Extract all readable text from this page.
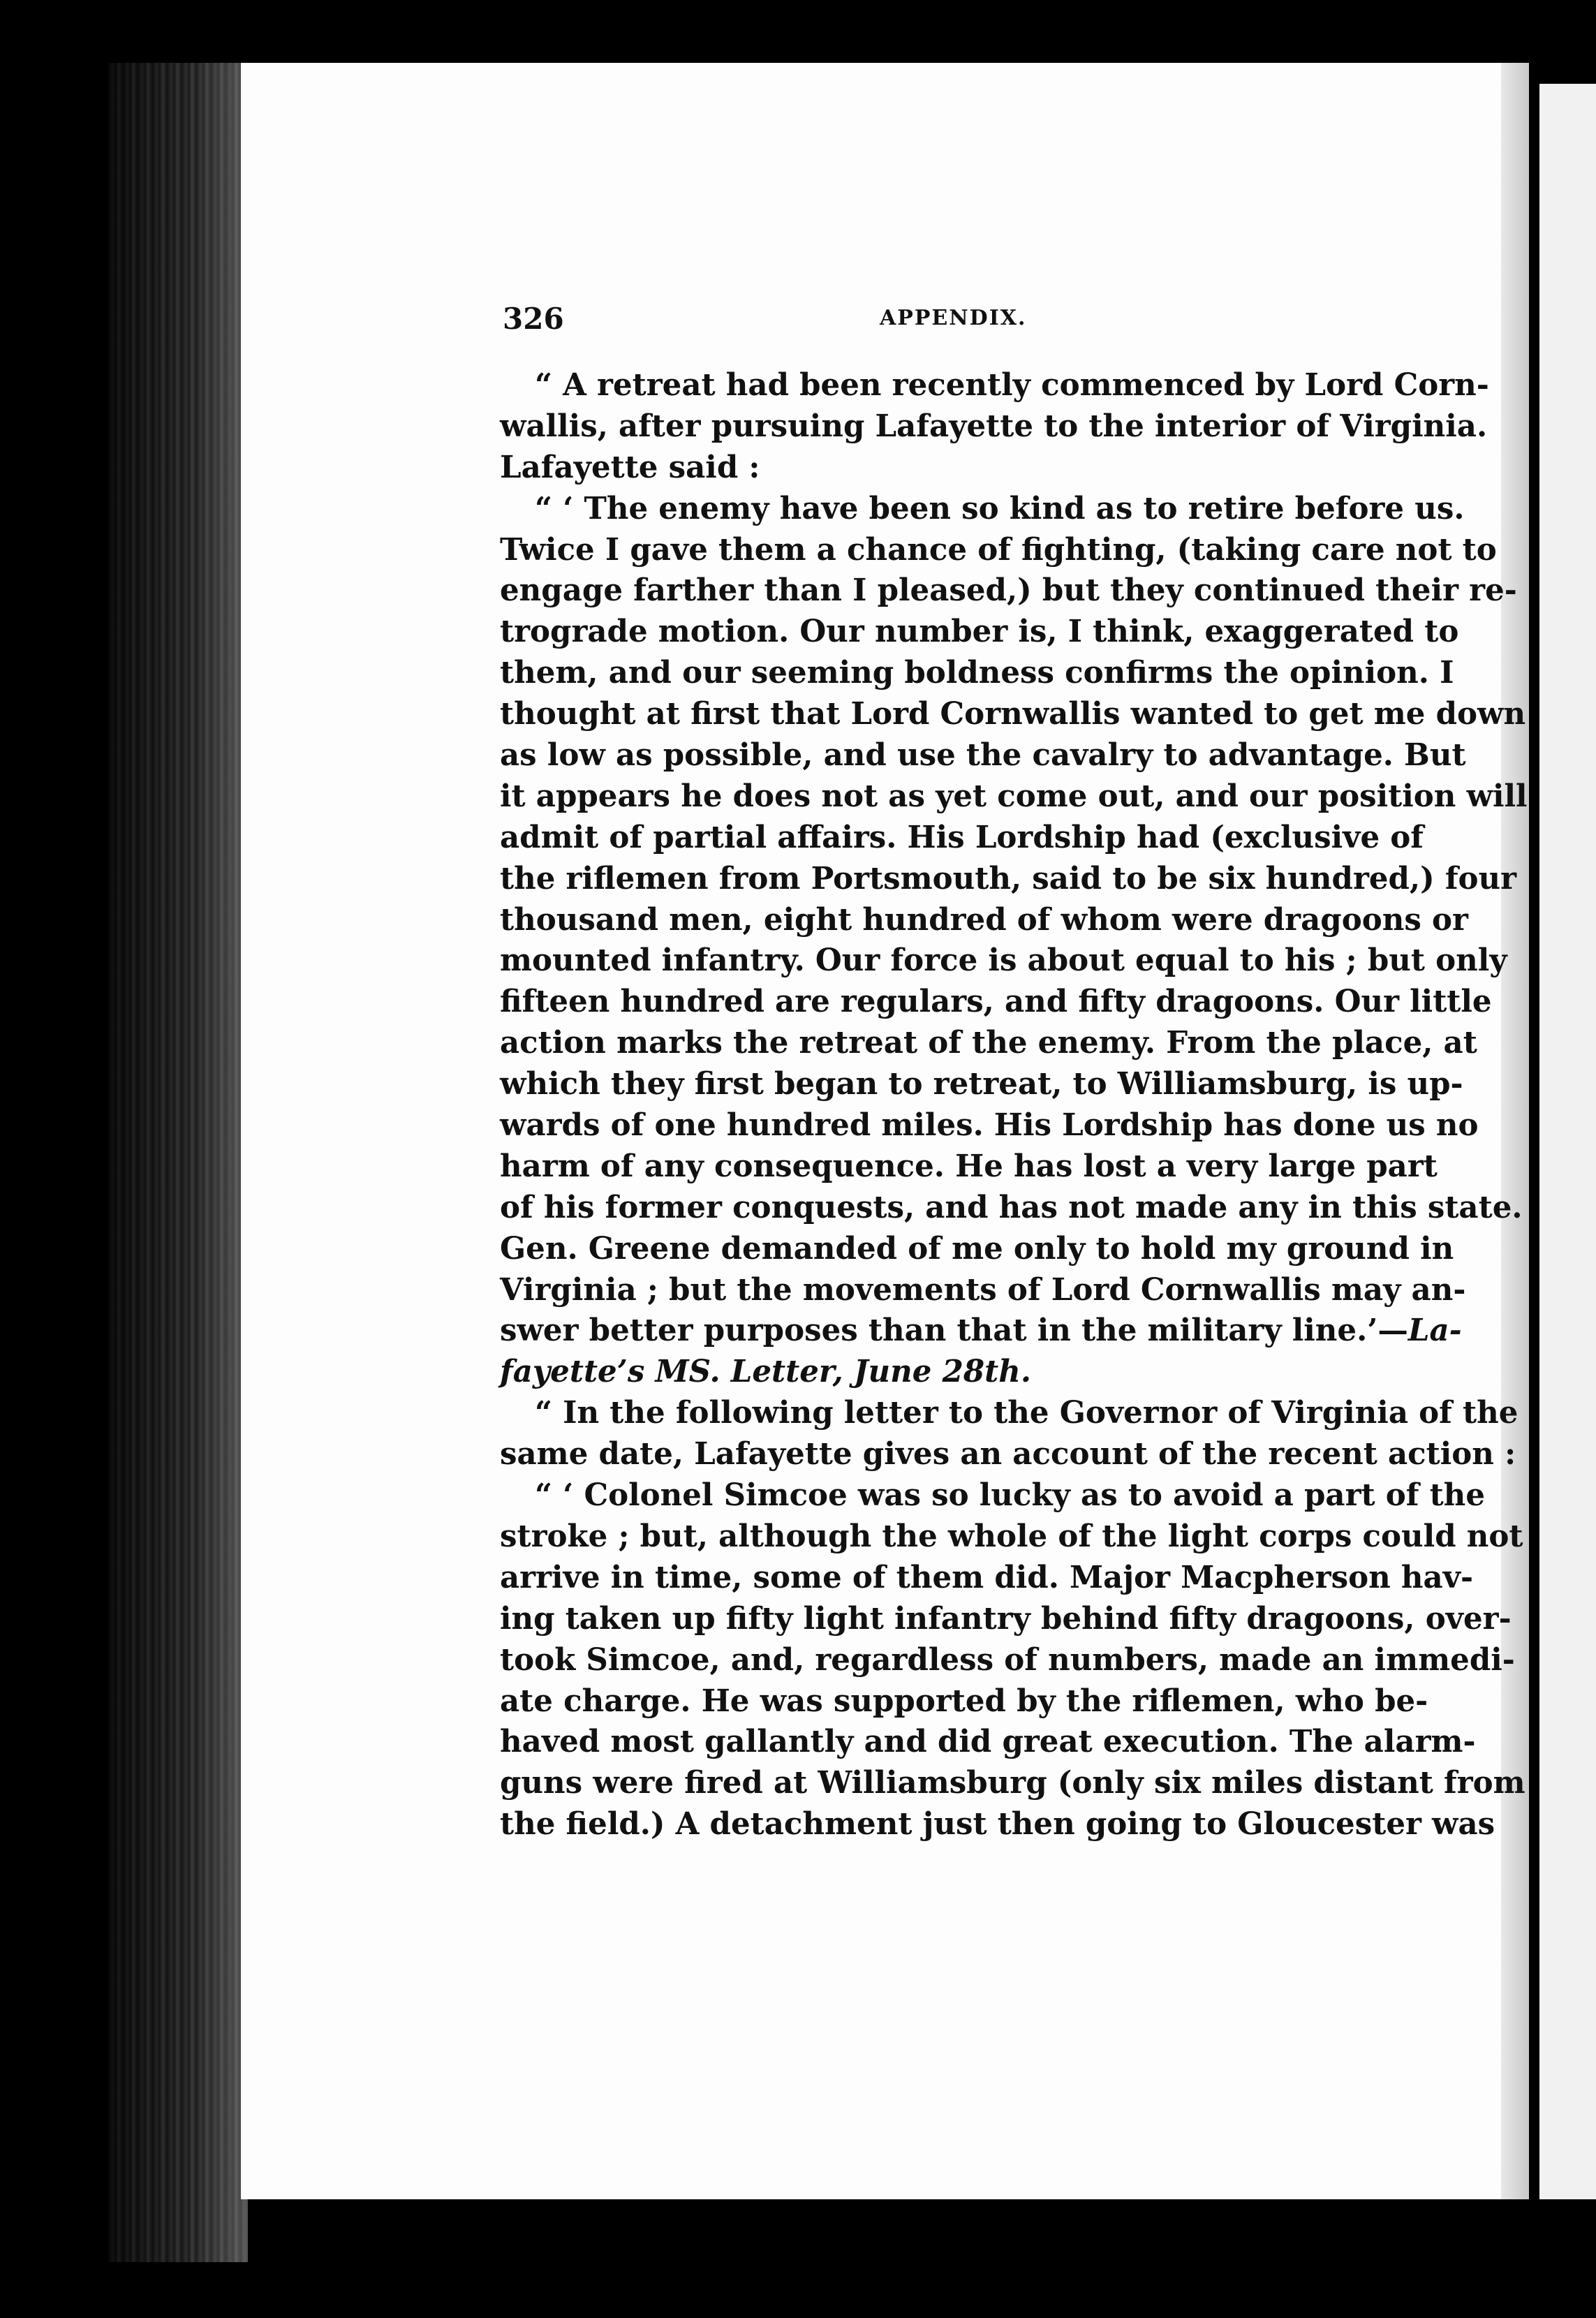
326	APPENDIX.
“ A retreat had been recently commenced by Lord Corn-
wallis, after pursuing Lafayette to the interior of Virginia.
Lafayette said :
“ ‘ The enemy have been so kind as to retire before us.
Twice I gave them a chance of fighting, (taking care not to
engage farther than I pleased,) but they continued their re-
trograde motion. Our number is, I think, exaggerated to
them, and our seeming boldness confirms the opinion. I
thought at first that Lord Cornwallis wanted to get me down
as low as possible, and use the cavalry to advantage. But
it appears he does not as yet come out, and our position will
admit of partial affairs. His Lordship had (exclusive of
the riflemen from Portsmouth, said to be six hundred,) four
thousand men, eight hundred of whom were dragoons or
mounted infantry. Our force is about equal to his ; but only
fifteen hundred are regulars, and fifty dragoons. Our little
action marks the retreat of the enemy. From the place, at
which they first began to retreat, to Williamsburg, is up-
wards of one hundred miles. His Lordship has done us no
harm of any consequence. He has lost a very large part
of his former conquests, and has not made any in this state.
Gen. Greene demanded of me only to hold my ground in
Virginia ; but the movements of Lord Cornwallis may an-
swer better purposes than that in the military line.’—La-
fayette’s MS. Letter, June 28th.
“ In the following letter to the Governor of Virginia of the
same date, Lafayette gives an account of the recent action :
“ ‘ Colonel Simcoe was so lucky as to avoid a part of the
stroke ; but, although the whole of the light corps could not
arrive in time, some of them did. Major Macpherson hav-
ing taken up fifty light infantry behind fifty dragoons, over-
took Simcoe, and, regardless of numbers, made an immedi-
ate charge. He was supported by the riflemen, who be-
haved most gallantly and did great execution. The alarm-
guns were fired at Williamsburg (only six miles distant from
the field.) A detachment just then going to Gloucester was
